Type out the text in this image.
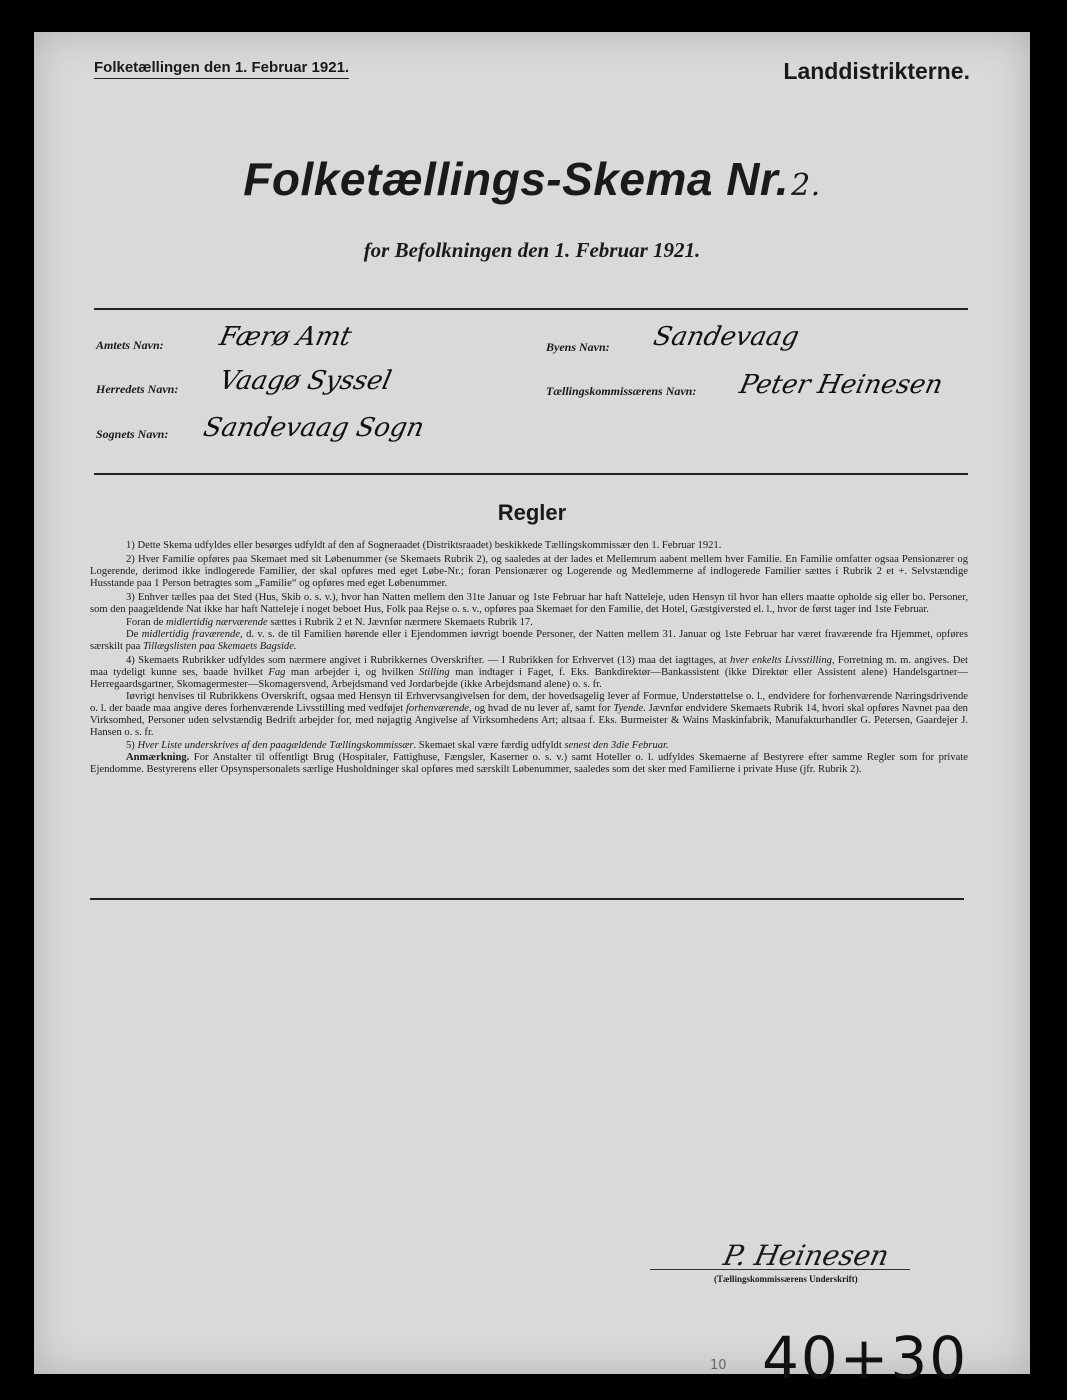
Folketællingen den 1. Februar 1921.	Landdistrikterne.
Folketællings-Skema Nr.2.
for Befolkningen den 1. Februar 1921.
Amtets Navn: Færø Amt
Herredets Navn: Vaagø Syssel
Sognets Navn: Sandevaag Sogn
Byens Navn: Sandevaag
Tællingskommissærens Navn: Peter Heinesen
Regler

1) Dette Skema udfyldes eller besørges udfyldt af den af Sogneraadet (Distriktsraadet) beskikkede Tællingskommissær den 1. Februar 1921.

2) Hver Familie opføres paa Skemaet med sit Løbenummer (se Skemaets Rubrik 2), og saaledes at der lades et Mellemrum aabent mellem hver Familie. En Familie omfatter ogsaa Pensionærer og Logerende, derimod ikke indlogerede Familier, der skal opføres med eget Løbe-Nr.; foran Pensionærer og Logerende og Medlemmerne af indlogerede Familier sættes i Rubrik 2 et +. Selvstændige Husstande paa 1 Person betragtes som „Familie“ og opføres med eget Løbenummer.

3) Enhver tælles paa det Sted (Hus, Skib o. s. v.), hvor han Natten mellem den 31te Januar og 1ste Februar har haft Natteleje, uden Hensyn til hvor han ellers maatte opholde sig eller bo. Personer, som den paagældende Nat ikke har haft Natteleje i noget beboet Hus, Folk paa Rejse o. s. v., opføres paa Skemaet for den Familie, det Hotel, Gæstgiversted el. l., hvor de først tager ind 1ste Februar.

Foran de midlertidig nærværende sættes i Rubrik 2 et N. Jævnfør nærmere Skemaets Rubrik 17.

De midlertidig fraværende, d. v. s. de til Familien hørende eller i Ejendommen iøvrigt boende Personer, der Natten mellem 31. Januar og 1ste Februar har været fraværende fra Hjemmet, opføres særskilt paa Tillægslisten paa Skemaets Bagside.

4) Skemaets Rubrikker udfyldes som nærmere angivet i Rubrikkernes Overskrifter. — I Rubrikken for Erhvervet (13) maa det iagttages, at hver enkelts Livsstilling, Forretning m. m. angives. Det maa tydeligt kunne ses, baade hvilket Fag man arbejder i, og hvilken Stilling man indtager i Faget, f. Eks. Bankdirektør—Bankassistent (ikke Direktør eller Assistent alene) Handelsgartner—Herregaardsgartner, Skomagermester—Skomagersvend, Arbejdsmand ved Jordarbejde (ikke Arbejdsmand alene) o. s. fr.

Iøvrigt henvises til Rubrikkens Overskrift, ogsaa med Hensyn til Erhvervsangivelsen for dem, der hovedsagelig lever af Formue, Understøttelse o. l., endvidere for forhenværende Næringsdrivende o. l. der baade maa angive deres forhenværende Livsstilling med vedføjet forhenværende, og hvad de nu lever af, samt for Tyende. Jævnfør endvidere Skemaets Rubrik 14, hvori skal opføres Navnet paa den Virksomhed, Personer uden selvstændig Bedrift arbejder for, med nøjagtig Angivelse af Virksomhedens Art; altsaa f. Eks. Burmeister & Wains Maskinfabrik, Manufakturhandler G. Petersen, Gaardejer J. Hansen o. s. fr.

5) Hver Liste underskrives af den paagældende Tællingskommissær. Skemaet skal være færdig udfyldt senest den 3die Februar.

Anmærkning. For Anstalter til offentligt Brug (Hospitaler, Fattighuse, Fængsler, Kaserner o. s. v.) samt Hoteller o. l. udfyldes Skemaerne af Bestyrere efter samme Regler som for private Ejendomme. Bestyrerens eller Opsynspersonalets særlige Husholdninger skal opføres med særskilt Løbenummer, saaledes som det sker med Familierne i private Huse (jfr. Rubrik 2).

P. Heinesen
(Tællingskommissærens Underskrift)
10 40+30
